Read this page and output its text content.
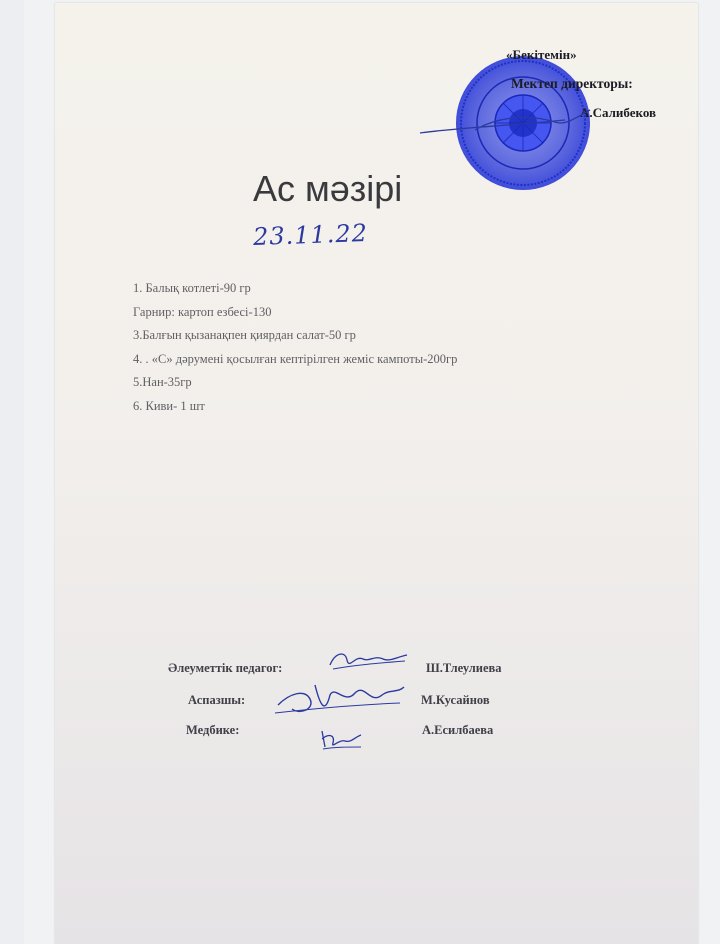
«Бекітемін»
Мектеп директоры:
А.Салибеков
Ас мәзірі
23.11.22
1. Балық котлеті-90 гр
Гарнир: картоп езбесі-130
3.Балғын қызанақпен қиярдан салат-50 гр
4. . «С» дәрумені қосылған кептірілген жеміс кампоты-200гр
5.Нан-35гр
6. Киви- 1 шт
Әлеуметтік педагог:	Ш.Тлеулиева
Аспазшы:	М.Кусайнов
Медбике:	А.Есилбаева
